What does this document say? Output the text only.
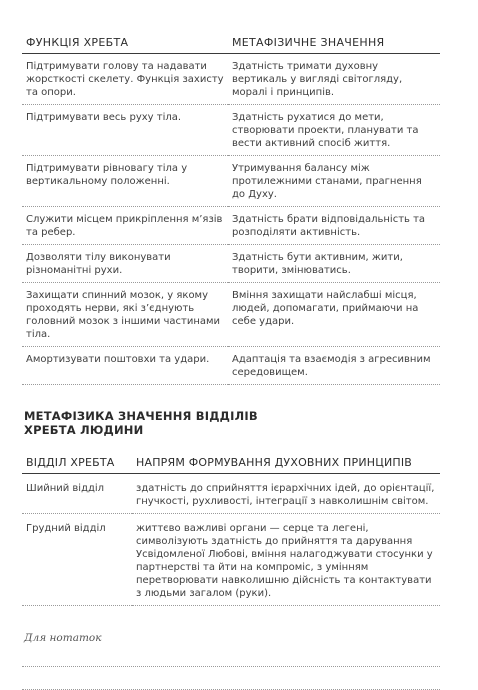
ФУНКЦІЯ ХРЕБТА	МЕТАФІЗИЧНЕ ЗНАЧЕННЯ
Підтримувати голову та надавати жорсткості скелету. Функція захисту та опори.	Здатність тримати духовну вертикаль у вигляді світогляду, моралі і принципів.
Підтримувати весь руху тіла.	Здатність рухатися до мети, створювати проекти, планувати та вести активний спосіб життя.
Підтримувати рівновагу тіла у вертикальному положенні.	Утримування балансу між протилежними станами, прагнення до Духу.
Служити місцем прикріплення м’язів та ребер.	Здатність брати відповідальність та розподіляти активність.
Дозволяти тілу виконувати різноманітні рухи.	Здатність бути активним, жити, творити, змінюватись.
Захищати спинний мозок, у якому проходять нерви, які з’єднують головний мозок з іншими частинами тіла.	Вміння захищати найслабші місця, людей, допомагати, приймаючи на себе удари.
Амортизувати поштовхи та удари.	Адаптація та взаємодія з агресивним середовищем.
МЕТАФІЗИКА ЗНАЧЕННЯ ВІДДІЛІВ ХРЕБТА ЛЮДИНИ
ВІДДІЛ ХРЕБТА	НАПРЯМ ФОРМУВАННЯ ДУХОВНИХ ПРИНЦИПІВ
Шийний відділ	здатність до сприйняття ієрархічних ідей, до орієнтації, гнучкості, рухливості, інтеграції з навколишнім світом.
Грудний відділ	життєво важливі органи — серце та легені, символізують здатність до прийняття та дарування Усвідомленої Любові, вміння налагоджувати стосунки у партнерстві та йти на компроміс, з умінням перетворювати навколишню дійсність та контактувати з людьми загалом (руки).
Для нотаток
